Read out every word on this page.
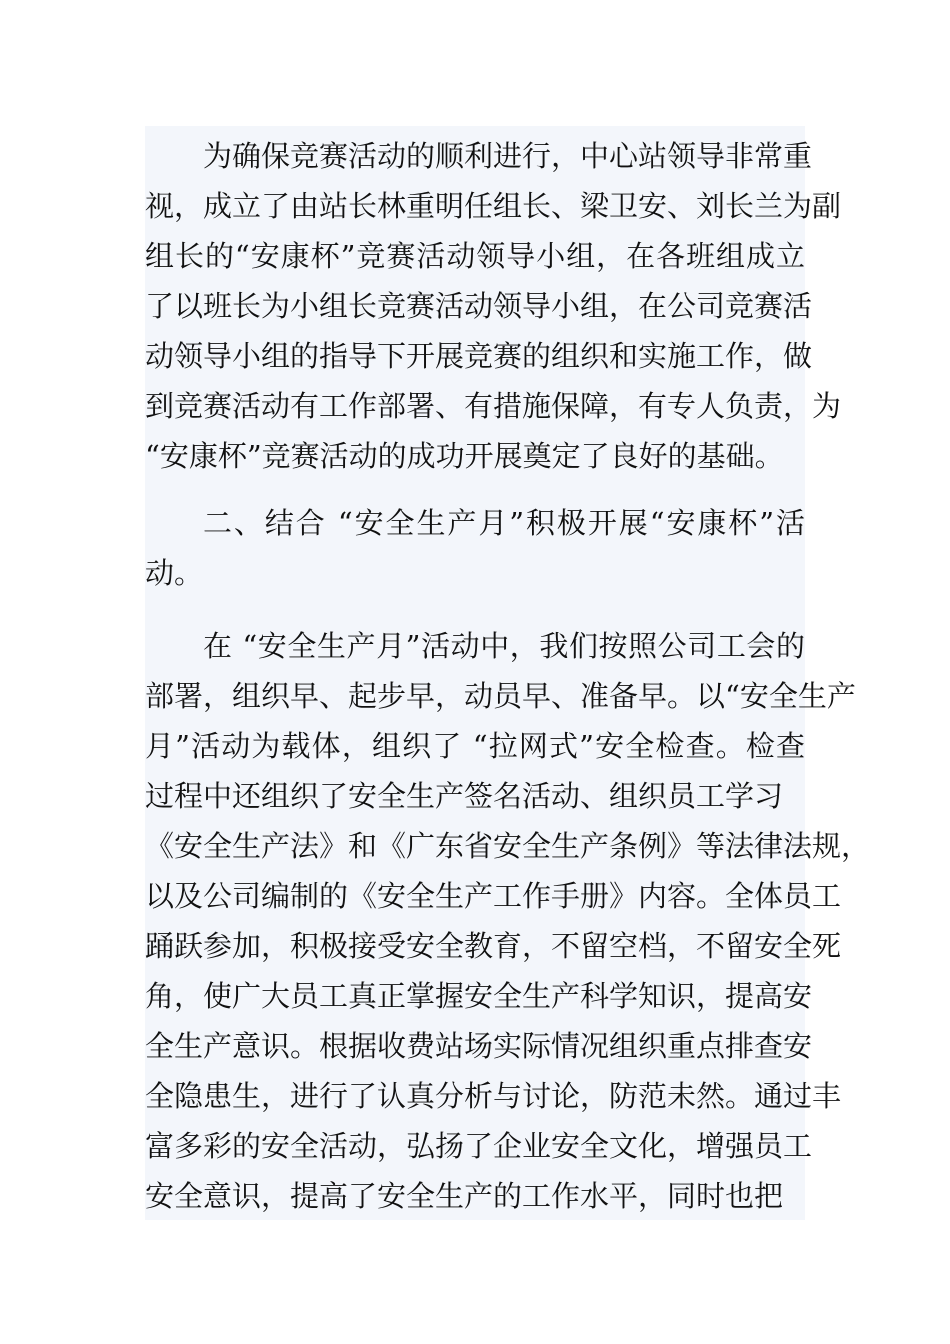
为确保竞赛活动的顺利进行，中心站领导非常重
视，成立了由站长林重明任组长、梁卫安、刘长兰为副
组长的“安康杯”竞赛活动领导小组，在各班组成立
了以班长为小组长竞赛活动领导小组，在公司竞赛活
动领导小组的指导下开展竞赛的组织和实施工作，做
到竞赛活动有工作部署、有措施保障，有专人负责，为
“安康杯”竞赛活动的成功开展奠定了良好的基础。
二、结合 “安全生产月”积极开展“安康杯”活
动。
在 “安全生产月”活动中，我们按照公司工会的
部署，组织早、起步早，动员早、准备早。以“安全生产
月”活动为载体，组织了 “拉网式”安全检查。检查
过程中还组织了安全生产签名活动、组织员工学习
《安全生产法》和《广东省安全生产条例》等法律法规，
以及公司编制的《安全生产工作手册》内容。全体员工
踊跃参加，积极接受安全教育，不留空档，不留安全死
角，使广大员工真正掌握安全生产科学知识，提高安
全生产意识。根据收费站场实际情况组织重点排查安
全隐患生，进行了认真分析与讨论，防范未然。通过丰
富多彩的安全活动，弘扬了企业安全文化，增强员工
安全意识，提高了安全生产的工作水平，同时也把
